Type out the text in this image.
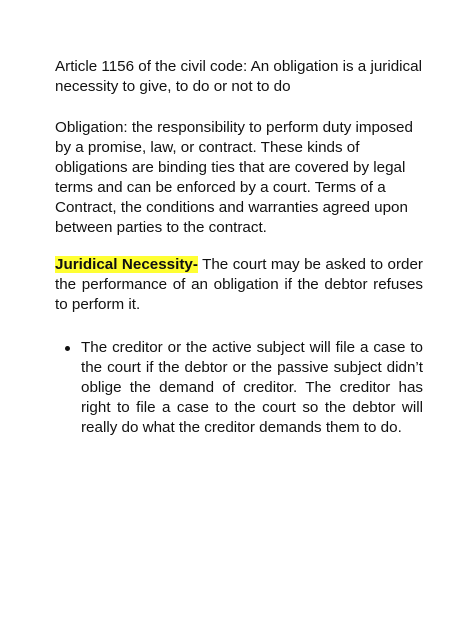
Article 1156 of the civil code: An obligation is a juridical necessity to give, to do or not to do

Obligation: the responsibility to perform duty imposed by a promise, law, or contract. These kinds of obligations are binding ties that are covered by legal terms and can be enforced by a court. Terms of a Contract, the conditions and warranties agreed upon between parties to the contract.

Juridical Necessity- The court may be asked to order the performance of an obligation if the debtor refuses to perform it.

The creditor or the active subject will file a case to the court if the debtor or the passive subject didn’t oblige the demand of creditor. The creditor has right to file a case to the court so the debtor will really do what the creditor demands them to do.
